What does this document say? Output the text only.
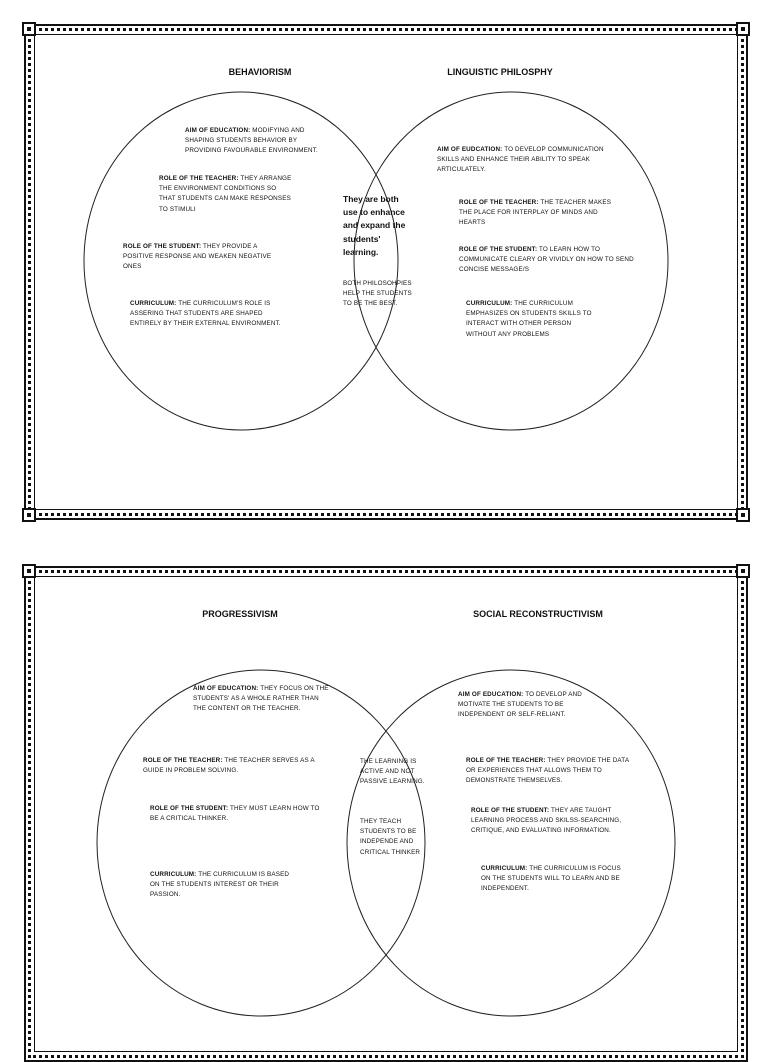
BEHAVIORISM	LINGUISTIC PHILOSPHY
AIM OF EDUCATION: MODIFYING AND SHAPING STUDENTS BEHAVIOR BY PROVIDING FAVOURABLE ENVIRONMENT.
ROLE OF THE TEACHER: THEY ARRANGE THE ENVIRONMENT CONDITIONS SO THAT STUDENTS CAN MAKE RESPONSES TO STIMULI
ROLE OF THE STUDENT: THEY PROVIDE A POSITIVE RESPONSE AND WEAKEN NEGATIVE ONES
CURRICULUM: THE CURRICULUM'S ROLE IS ASSERING THAT STUDENTS ARE SHAPED ENTIRELY BY THEIR EXTERNAL ENVIRONMENT.
They are both use to enhance and expand the students' learning.
BOTH PHILOSOHPIES HELP THE STUDENTS TO BE THE BEST.
AIM OF EUDCATION: TO DEVELOP COMMUNICATION SKILLS AND ENHANCE THEIR ABILITY TO SPEAK ARTICULATELY.
ROLE OF THE TEACHER: THE TEACHER MAKES THE PLACE FOR INTERPLAY OF MINDS AND HEARTS
ROLE OF THE STUDENT: TO LEARN HOW TO COMMUNICATE CLEARY OR VIVIDLY ON HOW TO SEND CONCISE MESSAGE/S
CURRICULUM: THE CURRICULUM EMPHASIZES ON STUDENTS SKILLS TO INTERACT WITH OTHER PERSON WITHOUT ANY PROBLEMS
PROGRESSIVISM	SOCIAL RECONSTRUCTIVISM
AIM OF EDUCATION: THEY FOCUS ON THE STUDENTS' AS A WHOLE RATHER THAN THE CONTENT OR THE TEACHER.
ROLE OF THE TEACHER: THE TEACHER SERVES AS A GUIDE IN PROBLEM SOLVING.
ROLE OF THE STUDENT: THEY MUST LEARN HOW TO BE A CRITICAL THINKER.
CURRICULUM: THE CURRICULUM IS BASED ON THE STUDENTS INTEREST OR THEIR PASSION.
THE LEARNING IS ACTIVE AND NOT PASSIVE LEARNING.
THEY TEACH STUDENTS TO BE INDEPENDE AND CRITICAL THINKER
AIM OF EDUCATION: TO DEVELOP AND MOTIVATE THE STUDENTS TO BE INDEPENDENT OR SELF-RELIANT.
ROLE OF THE TEACHER: THEY PROVIDE THE DATA OR EXPERIENCES THAT ALLOWS THEM TO DEMONSTRATE THEMSELVES.
ROLE OF THE STUDENT: THEY ARE TAUGHT LEARNING PROCESS AND SKILSS-SEARCHING, CRITIQUE, AND EVALUATING INFORMATION.
CURRICULUM: THE CURRICULUM IS FOCUS ON THE STUDENTS WILL TO LEARN AND BE INDEPENDENT.
